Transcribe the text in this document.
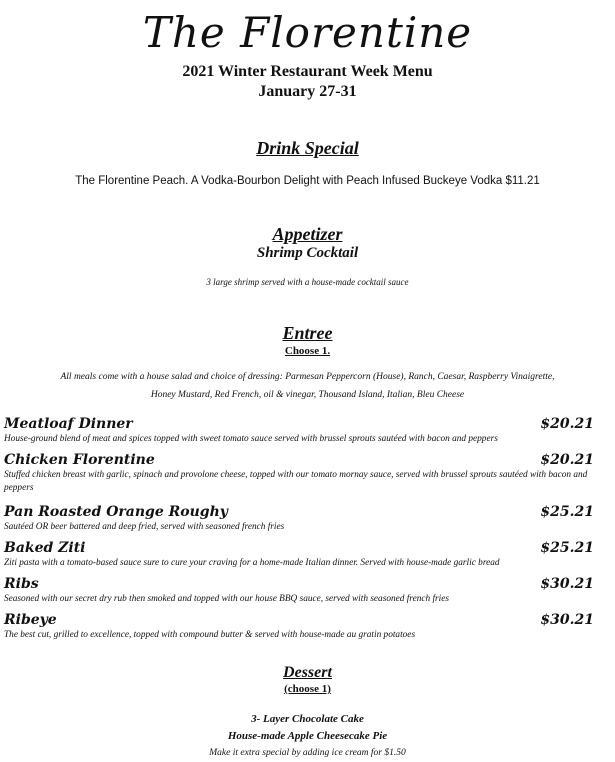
The Florentine
2021 Winter Restaurant Week Menu
January 27-31
Drink Special
The Florentine Peach. A Vodka-Bourbon Delight with Peach Infused Buckeye Vodka $11.21
Appetizer
Shrimp Cocktail
3 large shrimp served with a house-made cocktail sauce
Entree
Choose 1.
All meals come with a house salad and choice of dressing: Parmesan Peppercorn (House), Ranch, Caesar, Raspberry Vinaigrette,
Honey Mustard, Red French, oil & vinegar, Thousand Island, Italian, Bleu Cheese
Meatloaf Dinner	$20.21
House-ground blend of meat and spices topped with sweet tomato sauce served with brussel sprouts sautéed with bacon and peppers
Chicken Florentine	$20.21
Stuffed chicken breast with garlic, spinach and provolone cheese, topped with our tomato mornay sauce, served with brussel sprouts sautéed with bacon and peppers
Pan Roasted Orange Roughy	$25.21
Sautéed OR beer battered and deep fried, served with seasoned french fries
Baked Ziti	$25.21
Ziti pasta with a tomato-based sauce sure to cure your craving for a home-made Italian dinner. Served with house-made garlic bread
Ribs	$30.21
Seasoned with our secret dry rub then smoked and topped with our house BBQ sauce, served with seasoned french fries
Ribeye	$30.21
The best cut, grilled to excellence, topped with compound butter & served with house-made au gratin potatoes
Dessert
(choose 1)
3- Layer Chocolate Cake
House-made Apple Cheesecake Pie
Make it extra special by adding ice cream for $1.50
